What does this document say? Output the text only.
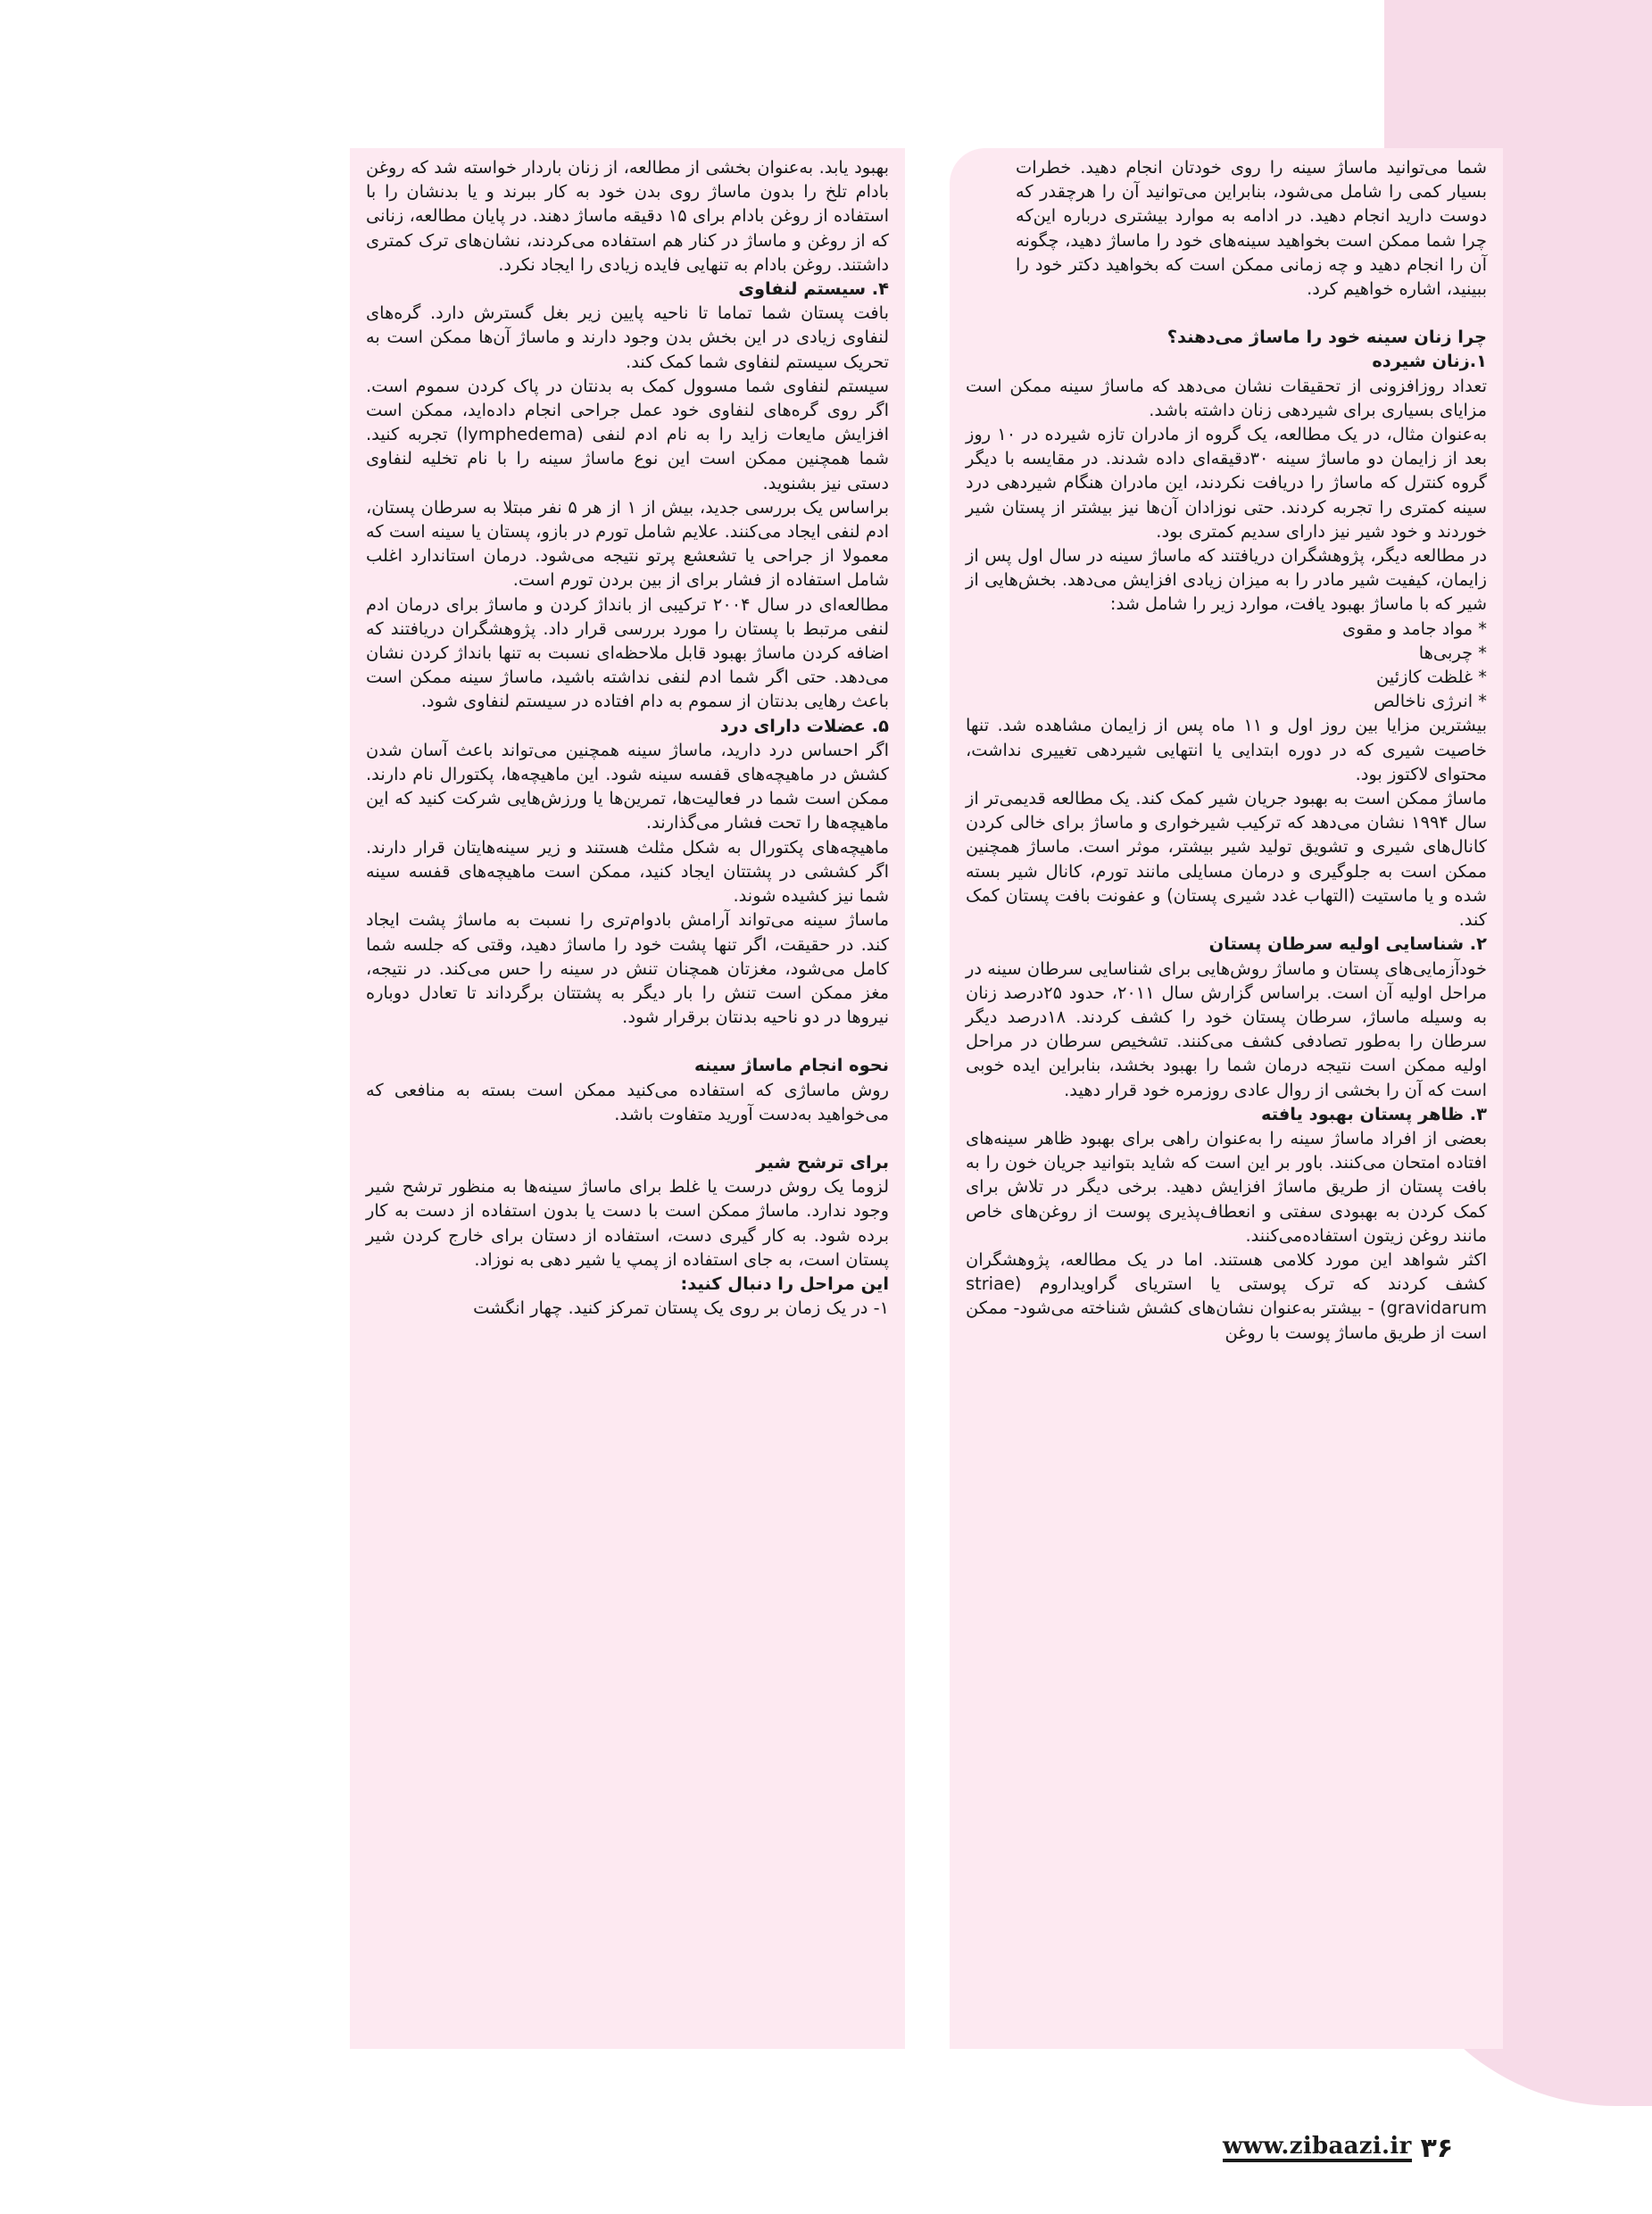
شما می‌توانید ماساژ سینه را روی خودتان انجام دهید. خطرات بسیار کمی را شامل می‌شود، بنابراین می‌توانید آن را هرچقدر که دوست دارید انجام دهید. در ادامه به موارد بیشتری درباره این‌که چرا شما ممکن است بخواهید سینه‌های خود را ماساژ دهید، چگونه آن را انجام دهید و چه زمانی ممکن است که بخواهید دکتر خود را ببینید، اشاره خواهیم کرد.

چرا زنان سینه خود را ماساژ می‌دهند؟

۱.زنان شیرده

تعداد روزافزونی از تحقیقات نشان می‌دهد که ماساژ سینه ممکن است مزایای بسیاری برای شیردهی زنان داشته باشد.

به‌عنوان مثال، در یک مطالعه، یک گروه از مادران تازه شیرده در ۱۰ روز بعد از زایمان دو ماساژ سینه ۳۰دقیقه‌ای داده شدند. در مقایسه با دیگر گروه کنترل که ماساژ را دریافت نکردند، این مادران هنگام شیردهی درد سینه کمتری را تجربه کردند. حتی نوزادان آن‌ها نیز بیشتر از پستان شیر خوردند و خود شیر نیز دارای سدیم کمتری بود.

در مطالعه دیگر، پژوهشگران دریافتند که ماساژ سینه در سال اول پس از زایمان، کیفیت شیر مادر را به میزان زیادی افزایش می‌دهد. بخش‌هایی از شیر که با ماساژ بهبود یافت، موارد زیر را شامل شد:

* مواد جامد و مقوی

* چربی‌ها

* غلظت کازئین

* انرژی ناخالص

بیشترین مزایا بین روز اول و ۱۱ ماه پس از زایمان مشاهده شد. تنها خاصیت شیری که در دوره ابتدایی یا انتهایی شیردهی تغییری نداشت، محتوای لاکتوز بود.

ماساژ ممکن است به بهبود جریان شیر کمک کند. یک مطالعه قدیمی‌تر از سال ۱۹۹۴ نشان می‌دهد که ترکیب شیرخواری و ماساژ برای خالی کردن کانال‌های شیری و تشویق تولید شیر بیشتر، موثر است. ماساژ همچنین ممکن است به جلوگیری و درمان مسایلی مانند تورم، کانال شیر بسته شده و یا ماستیت (التهاب غدد شیری پستان) و عفونت بافت پستان کمک کند.

۲. شناسایی اولیه سرطان پستان

خودآزمایی‌های پستان و ماساژ روش‌هایی برای شناسایی سرطان سینه در مراحل اولیه آن است. براساس گزارش سال ۲۰۱۱، حدود ۲۵درصد زنان به وسیله ماساژ، سرطان پستان خود را کشف کردند. ۱۸درصد دیگر سرطان را به‌طور تصادفی کشف می‌کنند. تشخیص سرطان در مراحل اولیه ممکن است نتیجه درمان شما را بهبود بخشد، بنابراین ایده خوبی است که آن را بخشی از روال عادی روزمره خود قرار دهید.

۳. ظاهر پستان بهبود یافته

بعضی از افراد ماساژ سینه را به‌عنوان راهی برای بهبود ظاهر سینه‌های افتاده امتحان می‌کنند. باور بر این است که شاید بتوانید جریان خون را به بافت پستان از طریق ماساژ افزایش دهید. برخی دیگر در تلاش برای کمک کردن به بهبودی سفتی و انعطاف‌پذیری پوست از روغن‌های خاص مانند روغن زیتون استفاده‌می‌کنند.

اکثر شواهد این مورد کلامی هستند. اما در یک مطالعه، پژوهشگران کشف کردند که ترک پوستی یا استریای گراویداروم (striae gravidarum) - بیشتر به‌عنوان نشان‌های کشش شناخته می‌شود- ممکن است از طریق ماساژ پوست با روغن

بهبود یابد. به‌عنوان بخشی از مطالعه، از زنان باردار خواسته شد که روغن بادام تلخ را بدون ماساژ روی بدن خود به کار ببرند و یا بدنشان را با استفاده از روغن بادام برای ۱۵ دقیقه ماساژ دهند. در پایان مطالعه، زنانی که از روغن و ماساژ در کنار هم استفاده می‌کردند، نشان‌های ترک کمتری داشتند. روغن بادام به تنهایی فایده زیادی را ایجاد نکرد.

۴. سیستم لنفاوی

بافت پستان شما تماما تا ناحیه پایین زیر بغل گسترش دارد. گره‌های لنفاوی زیادی در این بخش بدن وجود دارند و ماساژ آن‌ها ممکن است به تحریک سیستم لنفاوی شما کمک کند.

سیستم لنفاوی شما مسوول کمک به بدنتان در پاک کردن سموم است. اگر روی گره‌های لنفاوی خود عمل جراحی انجام داده‌اید، ممکن است افزایش مایعات زاید را به نام ادم لنفی (lymphedema) تجربه کنید. شما همچنین ممکن است این نوع ماساژ سینه را با نام تخلیه لنفاوی دستی نیز بشنوید.

براساس یک بررسی جدید، بیش از ۱ از هر ۵ نفر مبتلا به سرطان پستان، ادم لنفی ایجاد می‌کنند. علایم شامل تورم در بازو، پستان یا سینه است که معمولا از جراحی یا تشعشع پرتو نتیجه می‌شود. درمان استاندارد اغلب شامل استفاده از فشار برای از بین بردن تورم است.

مطالعه‌ای در سال ۲۰۰۴ ترکیبی از بانداژ کردن و ماساژ برای درمان ادم لنفی مرتبط با پستان را مورد بررسی قرار داد. پژوهشگران دریافتند که اضافه کردن ماساژ بهبود قابل ملاحظه‌ای نسبت به تنها بانداژ کردن نشان می‌دهد. حتی اگر شما ادم لنفی نداشته باشید، ماساژ سینه ممکن است باعث رهایی بدنتان از سموم به دام افتاده در سیستم لنفاوی شود.

۵. عضلات دارای درد

اگر احساس درد دارید، ماساژ سینه همچنین می‌تواند باعث آسان شدن کشش در ماهیچه‌های قفسه سینه شود. این ماهیچه‌ها، پکتورال نام دارند. ممکن است شما در فعالیت‌ها، تمرین‌ها یا ورزش‌هایی شرکت کنید که این ماهیچه‌ها را تحت فشار می‌گذارند.

ماهیچه‌های پکتورال به شکل مثلث هستند و زیر سینه‌هایتان قرار دارند. اگر کششی در پشتتان ایجاد کنید، ممکن است ماهیچه‌های قفسه سینه شما نیز کشیده شوند.

ماساژ سینه می‌تواند آرامش بادوام‌تری را نسبت به ماساژ پشت ایجاد کند. در حقیقت، اگر تنها پشت خود را ماساژ دهید، وقتی که جلسه شما کامل می‌شود، مغزتان همچنان تنش در سینه را حس می‌کند. در نتیجه، مغز ممکن است تنش را بار دیگر به پشتتان برگرداند تا تعادل دوباره نیروها در دو ناحیه بدنتان برقرار شود.

نحوه انجام ماساژ سینه

روش ماساژی که استفاده می‌کنید ممکن است بسته به منافعی که می‌خواهید به‌دست آورید متفاوت باشد.

برای ترشح شیر

لزوما یک روش درست یا غلط برای ماساژ سینه‌ها به منظور ترشح شیر وجود ندارد. ماساژ ممکن است با دست یا بدون استفاده از دست به کار برده شود. به کار گیری دست، استفاده از دستان برای خارج کردن شیر پستان است، به جای استفاده از پمپ یا شیر دهی به نوزاد.

این مراحل را دنبال کنید:

۱- در یک زمان بر روی یک پستان تمرکز کنید. چهار انگشت

www.zibaazi.ir ۳۶
